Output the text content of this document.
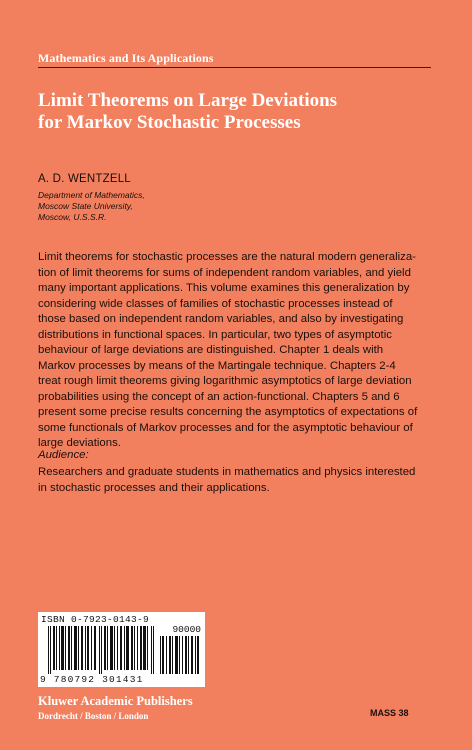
Mathematics and Its Applications
Limit Theorems on Large Deviations
for Markov Stochastic Processes
A. D. WENTZELL
Department of Mathematics,
Moscow State University,
Moscow, U.S.S.R.
Limit theorems for stochastic processes are the natural modern generaliza-
tion of limit theorems for sums of independent random variables, and yield
many important applications. This volume examines this generalization by
considering wide classes of families of stochastic processes instead of
those based on independent random variables, and also by investigating
distributions in functional spaces. In particular, two types of asymptotic
behaviour of large deviations are distinguished. Chapter 1 deals with
Markov processes by means of the Martingale technique. Chapters 2-4
treat rough limit theorems giving logarithmic asymptotics of large deviation
probabilities using the concept of an action-functional. Chapters 5 and 6
present some precise results concerning the asymptotics of expectations of
some functionals of Markov processes and for the asymptotic behaviour of
large deviations.
Audience:
Researchers and graduate students in mathematics and physics interested
in stochastic processes and their applications.
ISBN 0-7923-0143-9
90000
9 780792 301431
Kluwer Academic Publishers
Dordrecht / Boston / London	MASS 38
